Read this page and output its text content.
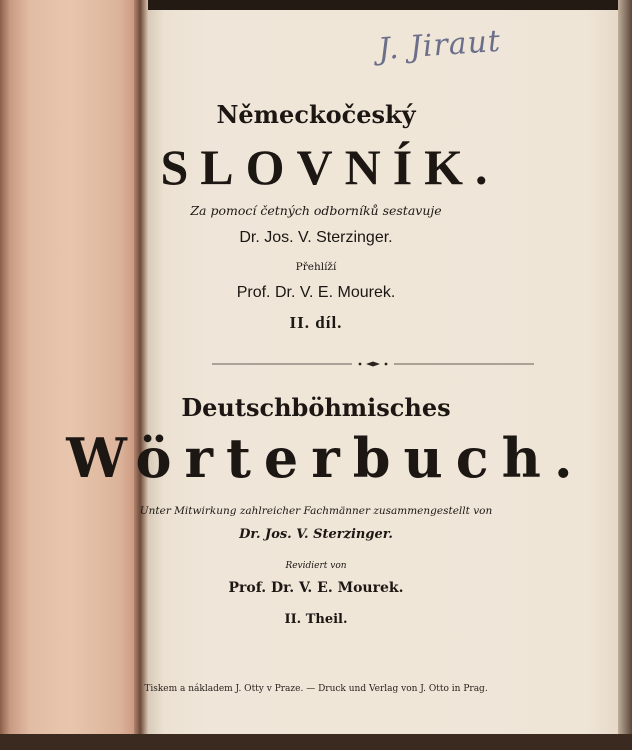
J. Jiraut
Německočeský
SLOVNÍK.
Za pomocí četných odborníků sestavuje
Dr. Jos. V. Sterzinger.
Přehlíží
Prof. Dr. V. E. Mourek.
II. díl.
Deutschböhmisches
Wörterbuch.
Unter Mitwirkung zahlreicher Fachmänner zusammengestellt von
Dr. Jos. V. Sterzinger.
Revidiert von
Prof. Dr. V. E. Mourek.
II. Theil.
Tiskem a nákladem J. Otty v Praze. — Druck und Verlag von J. Otto in Prag.
